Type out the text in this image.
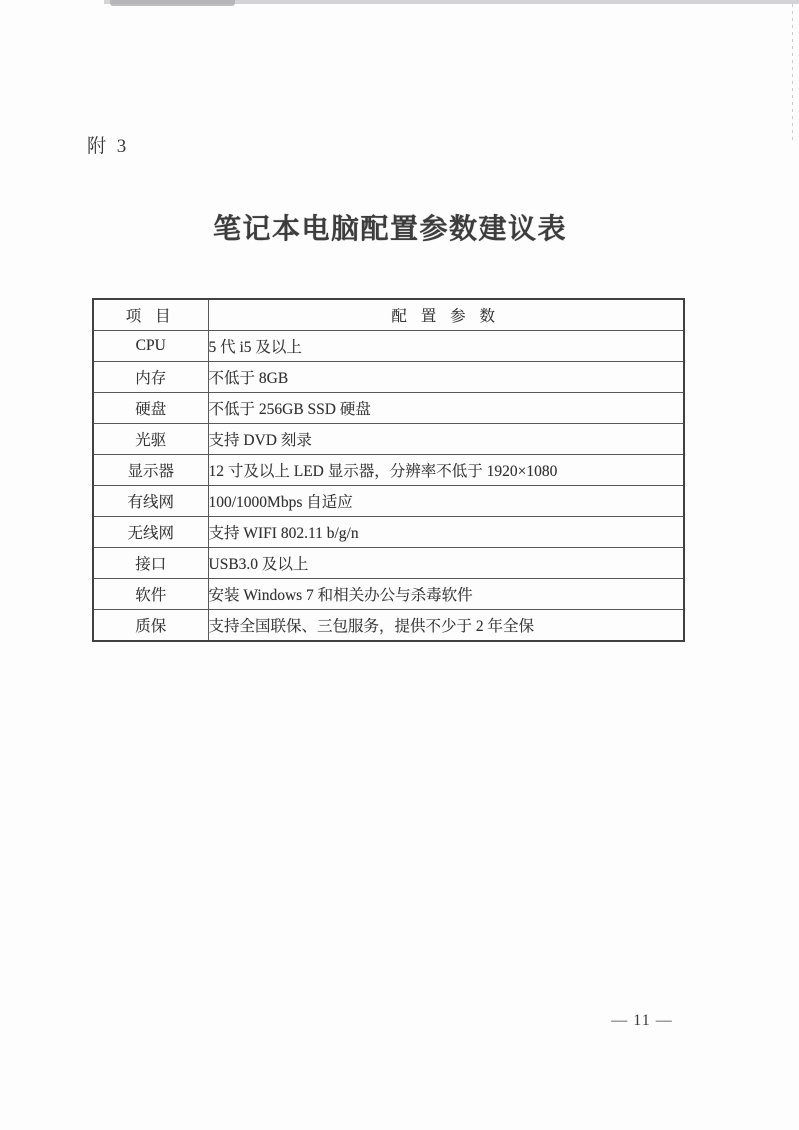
附 3
笔记本电脑配置参数建议表
项 目	配 置 参 数
CPU	5 代 i5 及以上
内存	不低于 8GB
硬盘	不低于 256GB SSD 硬盘
光驱	支持 DVD 刻录
显示器	12 寸及以上 LED 显示器，分辨率不低于 1920×1080
有线网	100/1000Mbps 自适应
无线网	支持 WIFI 802.11 b/g/n
接口	USB3.0 及以上
软件	安装 Windows 7 和相关办公与杀毒软件
质保	支持全国联保、三包服务，提供不少于 2 年全保
— 11 —
